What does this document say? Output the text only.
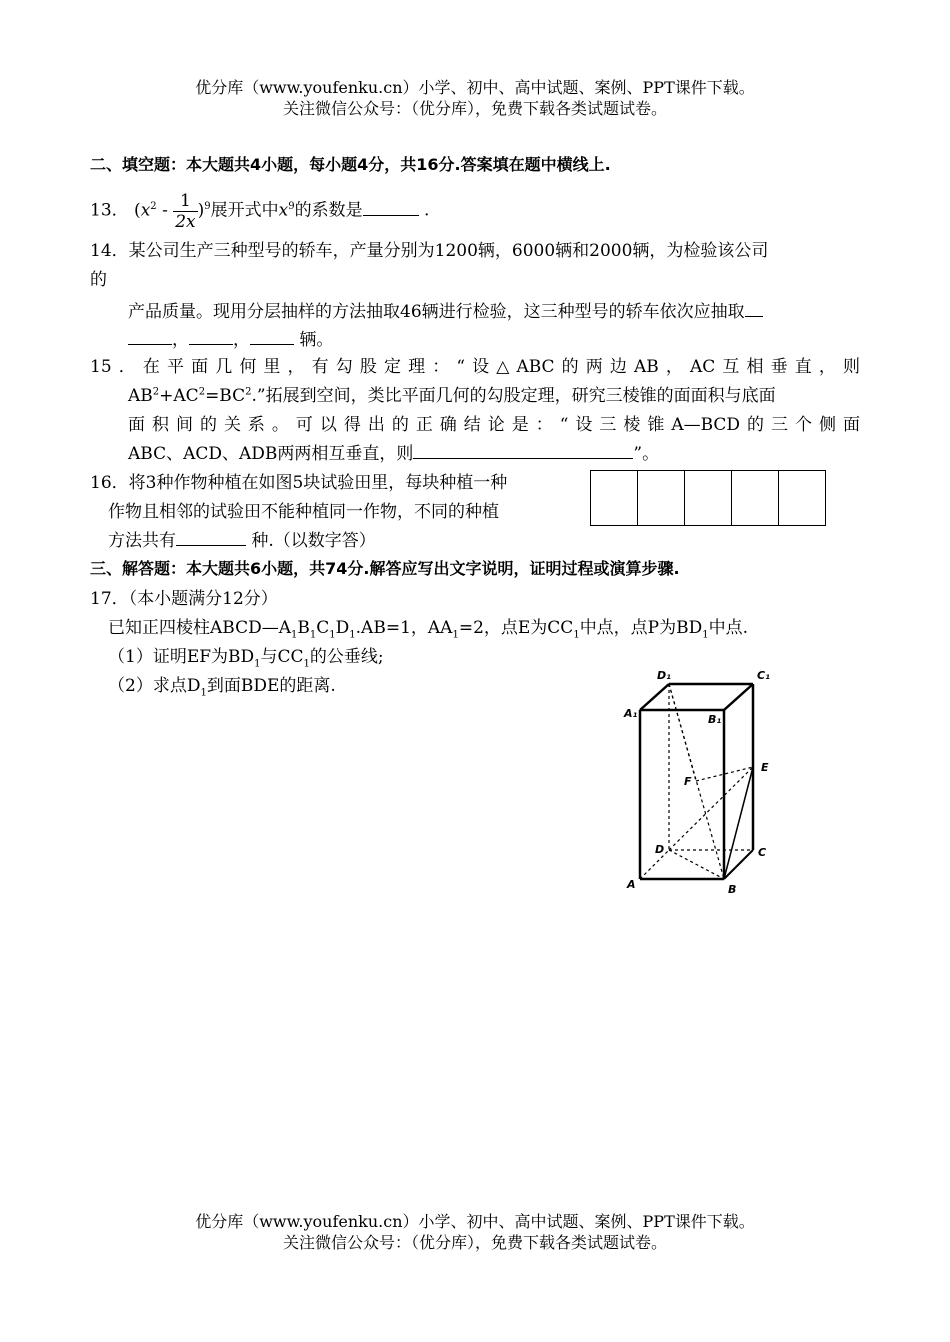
优分库（www.youfenku.cn）小学、初中、高中试题、案例、PPT课件下载。
关注微信公众号：（优分库），免费下载各类试题试卷。
二、填空题：本大题共4小题，每小题4分，共16分.答案填在题中横线上.
13． $(x^2 - \frac{1}{2x} )^9$展开式中$x^9$的系数是	.
14．某公司生产三种型号的轿车，产量分别为1200辆，6000辆和2000辆，为检验该公司
的
产品质量。现用分层抽样的方法抽取46辆进行检验，这三种型号的轿车依次应抽取
，	，	辆。
15．在平面几何里，有勾股定理：“设△ABC的两边AB，AC互相垂直，则
$AB^2+AC^2=BC^2$.”拓展到空间，类比平面几何的勾股定理，研究三棱锥的面面积与底面
面积间的关系。可以得出的正确结论是：“设三棱锥A—BCD的三个侧面
ABC、ACD、ADB两两相互垂直，则	”。
16．将3种作物种植在如图5块试验田里，每块种植一种
作物且相邻的试验田不能种植同一作物，不同的种植
方法共有	种.（以数字答）

三、解答题：本大题共6小题，共74分.解答应写出文字说明，证明过程或演算步骤.
17．（本小题满分12分）
已知正四棱柱$ABCD—A_1B_1C_1D_1.AB=1$，$AA_1=2$，点E为$CC_1$中点，点P为$BD_1$中点.
（1）证明EF为$BD_1$与$CC_1$的公垂线;
（2）求点$D_1$到面BDE的距离.
D₁	C₁
A₁	B₁
E
F
D	C
A	B
优分库（www.youfenku.cn）小学、初中、高中试题、案例、PPT课件下载。
关注微信公众号：（优分库），免费下载各类试题试卷。
